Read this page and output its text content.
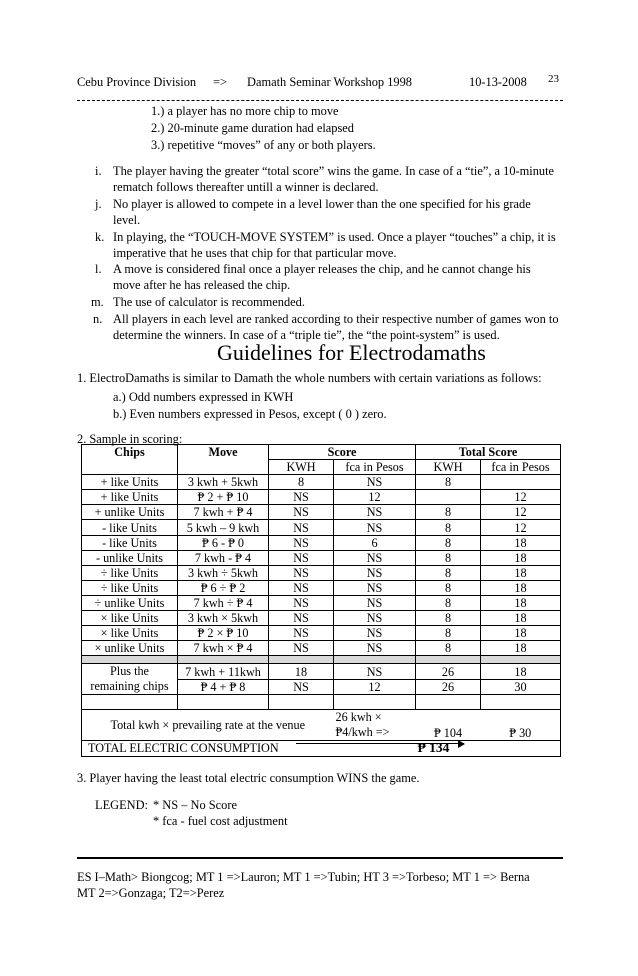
Cebu Province Division => Damath Seminar Workshop 1998	10-13-2008 23
1.) a player has no more chip to move
2.) 20-minute game duration had elapsed
3.) repetitive “moves” of any or both players.
i. The player having the greater “total score” wins the game. In case of a “tie”, a 10-minute
rematch follows thereafter untill a winner is declared.
j. No player is allowed to compete in a level lower than the one specified for his grade
level.
k. In playing, the “TOUCH-MOVE SYSTEM” is used. Once a player “touches” a chip, it is
imperative that he uses that chip for that particular move.
l. A move is considered final once a player releases the chip, and he cannot change his
move after he has released the chip.
m. The use of calculator is recommended.
n. All players in each level are ranked according to their respective number of games won to
determine the winners. In case of a “triple tie”, the “the point-system” is used.
Guidelines for Electrodamaths
1. ElectroDamaths is similar to Damath the whole numbers with certain variations as follows:
a.) Odd numbers expressed in KWH
b.) Even numbers expressed in Pesos, except ( 0 ) zero.
2. Sample in scoring:
Chips	Move	Score		Total Score	
		KWH	fca in Pesos	KWH	fca in Pesos
+ like Units	3 kwh + 5kwh	8	NS	8	
+ like Units	₱ 2 + ₱ 10	NS	12		12
+ unlike Units	7 kwh + ₱ 4	NS	NS	8	12
- like Units	5 kwh – 9 kwh	NS	NS	8	12
- like Units	₱ 6 - ₱ 0	NS	6	8	18
- unlike Units	7 kwh - ₱ 4	NS	NS	8	18
÷ like Units	3 kwh ÷ 5kwh	NS	NS	8	18
÷ like Units	₱ 6 ÷ ₱ 2	NS	NS	8	18
÷ unlike Units	7 kwh ÷ ₱ 4	NS	NS	8	18
× like Units	3 kwh × 5kwh	NS	NS	8	18
× like Units	₱ 2 × ₱ 10	NS	NS	8	18
× unlike Units	7 kwh × ₱ 4	NS	NS	8	18

Plus the remaining chips	7 kwh + 11kwh	18	NS	26	18
	₱ 4 + ₱ 8	NS	12	26	30

Total kwh × prevailing rate at the venue			26 kwh × ₱4/kwh =>	₱ 104	₱ 30
TOTAL ELECTRIC CONSUMPTION				₱ 134	
3. Player having the least total electric consumption WINS the game.
LEGEND: * NS – No Score
* fca - fuel cost adjustment
ES I–Math> Biongcog; MT 1 =>Lauron; MT 1 =>Tubin; HT 3 =>Torbeso; MT 1 => Berna
MT 2=>Gonzaga; T2=>Perez
